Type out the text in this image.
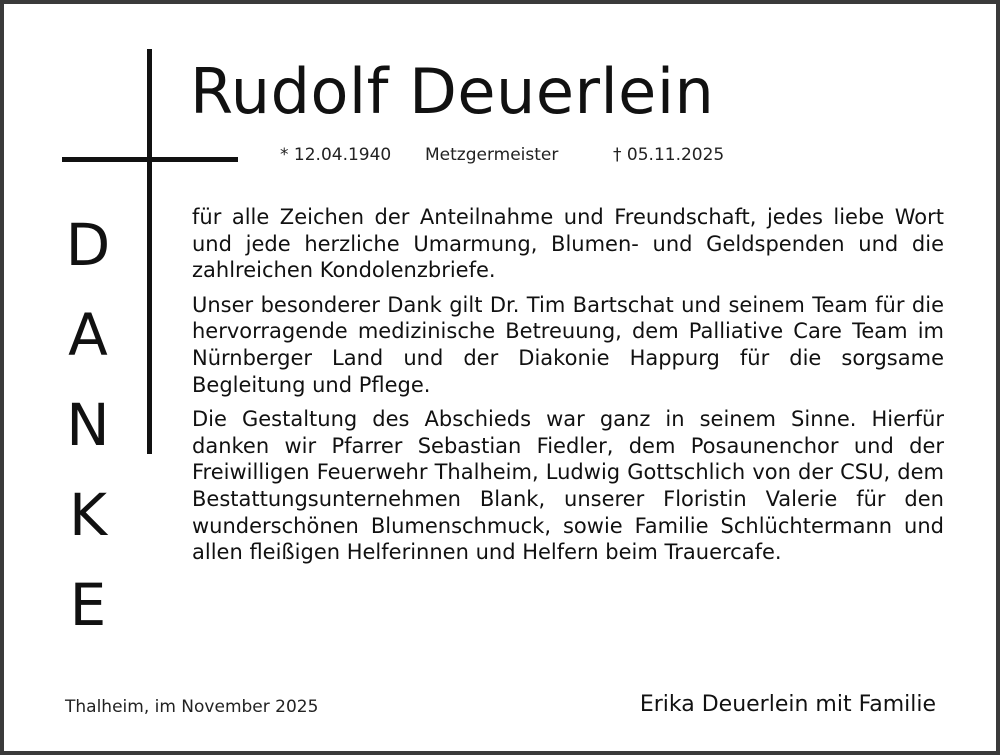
Rudolf Deuerlein
* 12.04.1940 Metzgermeister	† 05.11.2025
D
A
N
K
E

für alle Zeichen der Anteilnahme und Freundschaft, jedes liebe Wort und jede herzliche Umarmung, Blumen- und Geldspenden und die zahlreichen Kondolenzbriefe.

Unser besonderer Dank gilt Dr. Tim Bartschat und seinem Team für die hervorragende medizinische Betreuung, dem Palliative Care Team im Nürnberger Land und der Diakonie Happurg für die sorgsame Begleitung und Pflege.

Die Gestaltung des Abschieds war ganz in seinem Sinne. Hierfür danken wir Pfarrer Sebastian Fiedler, dem Posaunenchor und der Freiwilligen Feuerwehr Thalheim, Ludwig Gottschlich von der CSU, dem Bestattungsunternehmen Blank, unserer Floristin Valerie für den wunderschönen Blumenschmuck, sowie Familie Schlüchtermann und allen fleißigen Helferinnen und Helfern beim Trauercafe.

Thalheim, im November 2025	Erika Deuerlein mit Familie
